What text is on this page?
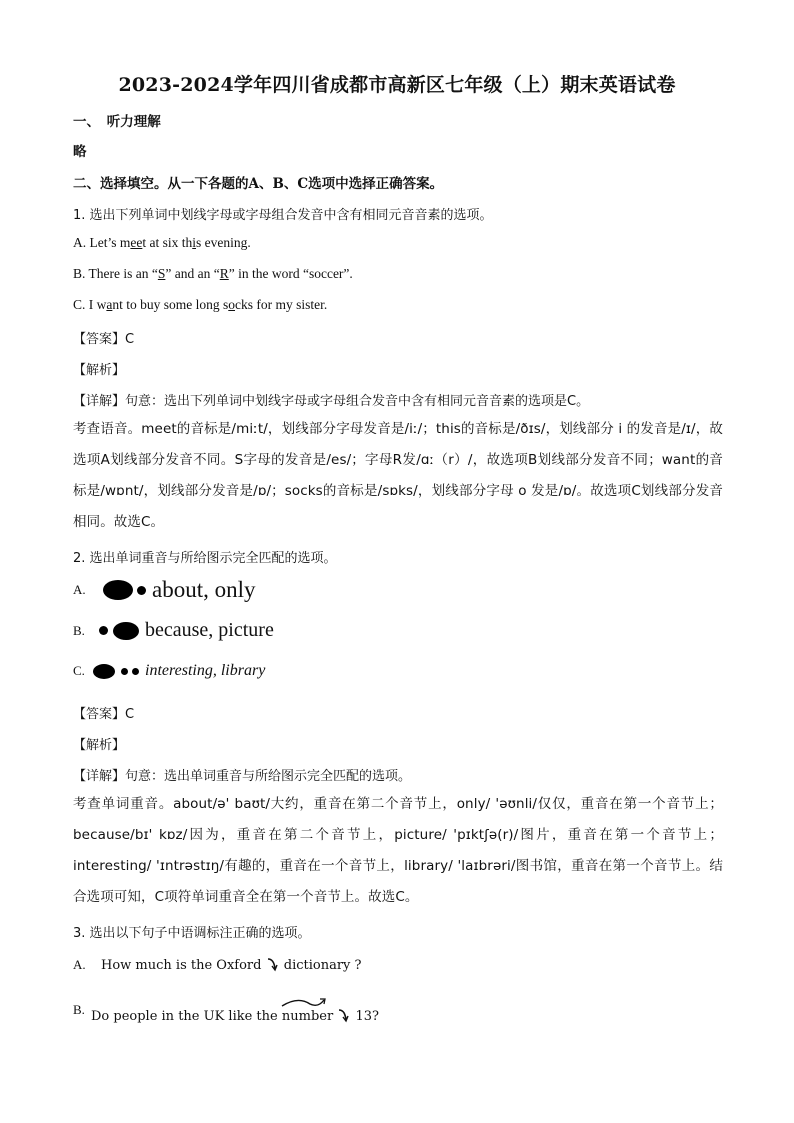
2023-2024学年四川省成都市高新区七年级（上）期末英语试卷
一、　听力理解
略
二、选择填空。从一下各题的A、B、C选项中选择正确答案。
1. 选出下列单词中划线字母或字母组合发音中含有相同元音音素的选项。
A. Let’s meet at six this evening.
B. There is an “S” and an “R” in the word “soccer”.
C. I want to buy some long socks for my sister.
【答案】C
【解析】
【详解】句意：选出下列单词中划线字母或字母组合发音中含有相同元音音素的选项是C。
考查语音。meet的音标是/miːt/，划线部分字母发音是/iː/；this的音标是/ðɪs/，划线部分 i 的发音是/ɪ/，故选项A划线部分发音不同。S字母的发音是/es/；字母R发/ɑː（r）/，故选项B划线部分发音不同；want的音标是/wɒnt/，划线部分发音是/ɒ/；socks的音标是/sɒks/，划线部分字母 o 发是/ɒ/。故选项C划线部分发音相同。故选C。
2. 选出单词重音与所给图示完全匹配的选项。
A.	about, only
B.	because, picture
C.	interesting, library
【答案】C
【解析】
【详解】句意：选出单词重音与所给图示完全匹配的选项。
考查单词重音。about/ə' baʊt/大约，重音在第二个音节上，only/ 'əʊnli/仅仅，重音在第一个音节上；because/bɪ' kɒz/因为，重音在第二个音节上，picture/ 'pɪktʃə(r)/图片，重音在第一个音节上； interesting/ 'ɪntrəstɪŋ/有趣的，重音在一个音节上，library/ 'laɪbrəri/图书馆，重音在第一个音节上。结合选项可知，C项符单词重音全在第一个音节上。故选C。
3. 选出以下句子中语调标注正确的选项。
A. How much is the Oxford dictionary ?
B. Do people in the UK like the number 13?
